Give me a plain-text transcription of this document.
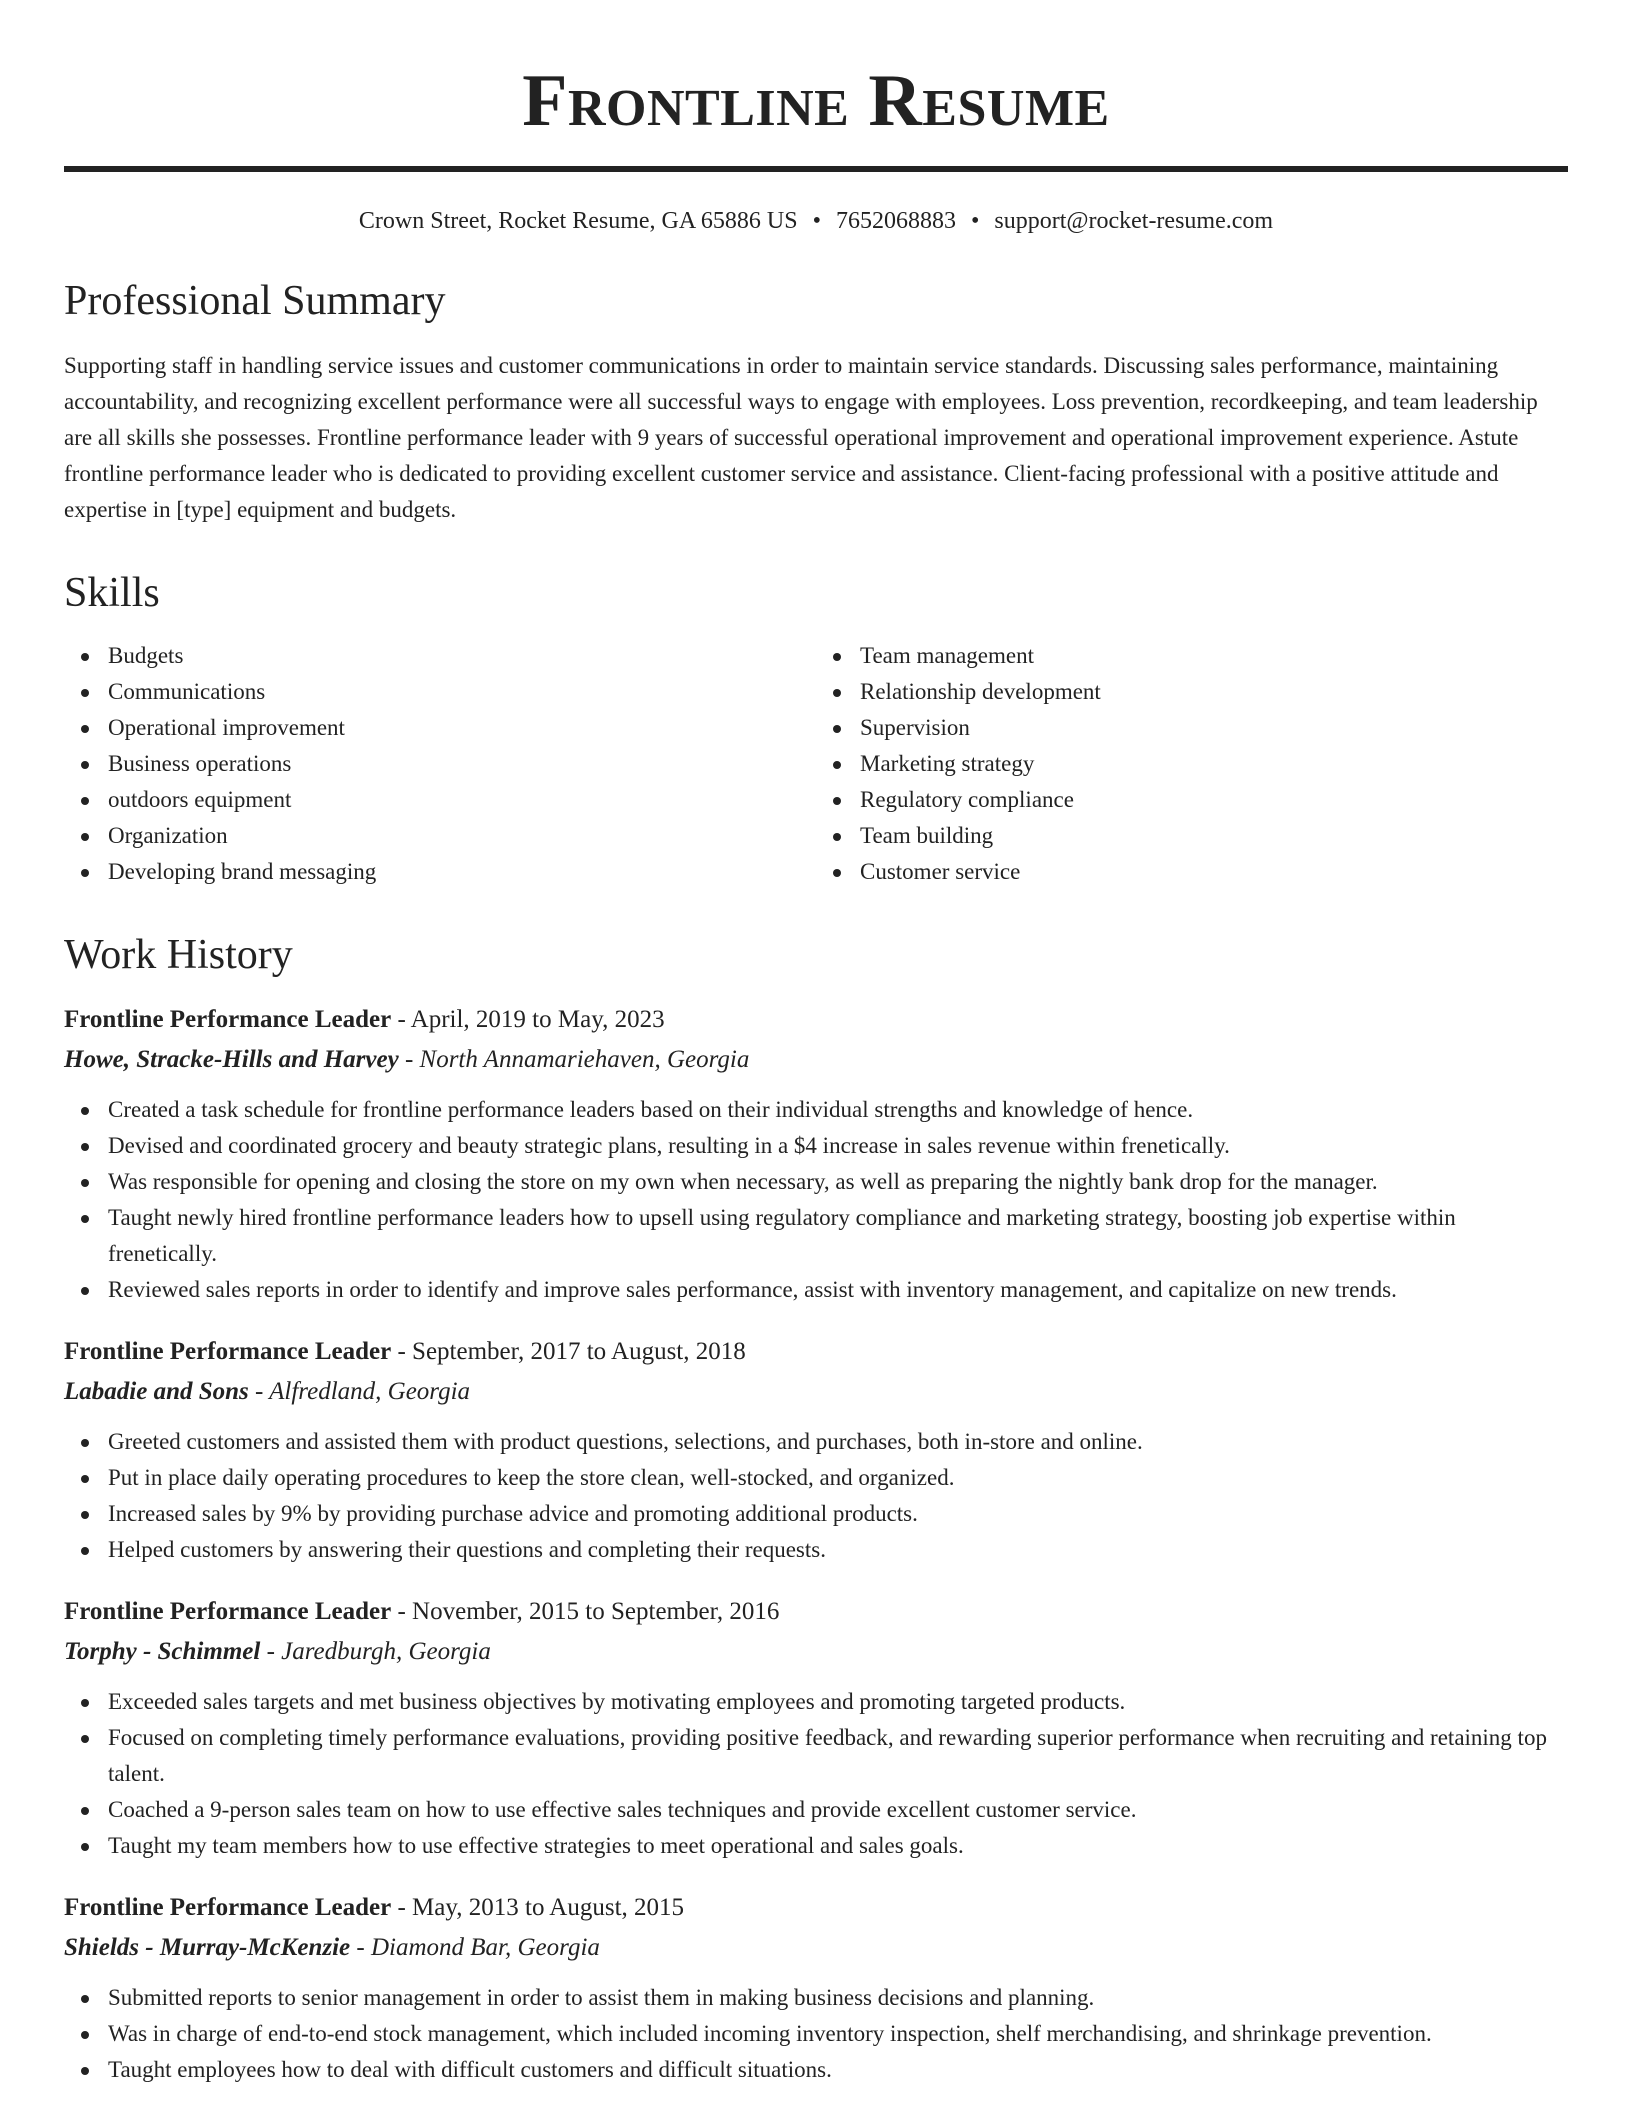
Frontline Resume
Crown Street, Rocket Resume, GA 65886 US • 7652068883 • support@rocket-resume.com
Professional Summary

Supporting staff in handling service issues and customer communications in order to maintain service standards. Discussing sales performance, maintaining accountability, and recognizing excellent performance were all successful ways to engage with employees. Loss prevention, recordkeeping, and team leadership are all skills she possesses. Frontline performance leader with 9 years of successful operational improvement and operational improvement experience. Astute frontline performance leader who is dedicated to providing excellent customer service and assistance. Client-facing professional with a positive attitude and expertise in [type] equipment and budgets.

Skills
Budgets
Communications
Operational improvement
Business operations
outdoors equipment
Organization
Developing brand messaging
Team management
Relationship development
Supervision
Marketing strategy
Regulatory compliance
Team building
Customer service
Work History
Frontline Performance Leader - April, 2019 to May, 2023
Howe, Stracke-Hills and Harvey - North Annamariehaven, Georgia
Created a task schedule for frontline performance leaders based on their individual strengths and knowledge of hence.
Devised and coordinated grocery and beauty strategic plans, resulting in a $4 increase in sales revenue within frenetically.
Was responsible for opening and closing the store on my own when necessary, as well as preparing the nightly bank drop for the manager.
Taught newly hired frontline performance leaders how to upsell using regulatory compliance and marketing strategy, boosting job expertise within frenetically.
Reviewed sales reports in order to identify and improve sales performance, assist with inventory management, and capitalize on new trends.
Frontline Performance Leader - September, 2017 to August, 2018
Labadie and Sons - Alfredland, Georgia
Greeted customers and assisted them with product questions, selections, and purchases, both in-store and online.
Put in place daily operating procedures to keep the store clean, well-stocked, and organized.
Increased sales by 9% by providing purchase advice and promoting additional products.
Helped customers by answering their questions and completing their requests.
Frontline Performance Leader - November, 2015 to September, 2016
Torphy - Schimmel - Jaredburgh, Georgia
Exceeded sales targets and met business objectives by motivating employees and promoting targeted products.
Focused on completing timely performance evaluations, providing positive feedback, and rewarding superior performance when recruiting and retaining top talent.
Coached a 9-person sales team on how to use effective sales techniques and provide excellent customer service.
Taught my team members how to use effective strategies to meet operational and sales goals.
Frontline Performance Leader - May, 2013 to August, 2015
Shields - Murray-McKenzie - Diamond Bar, Georgia
Submitted reports to senior management in order to assist them in making business decisions and planning.
Was in charge of end-to-end stock management, which included incoming inventory inspection, shelf merchandising, and shrinkage prevention.
Taught employees how to deal with difficult customers and difficult situations.
